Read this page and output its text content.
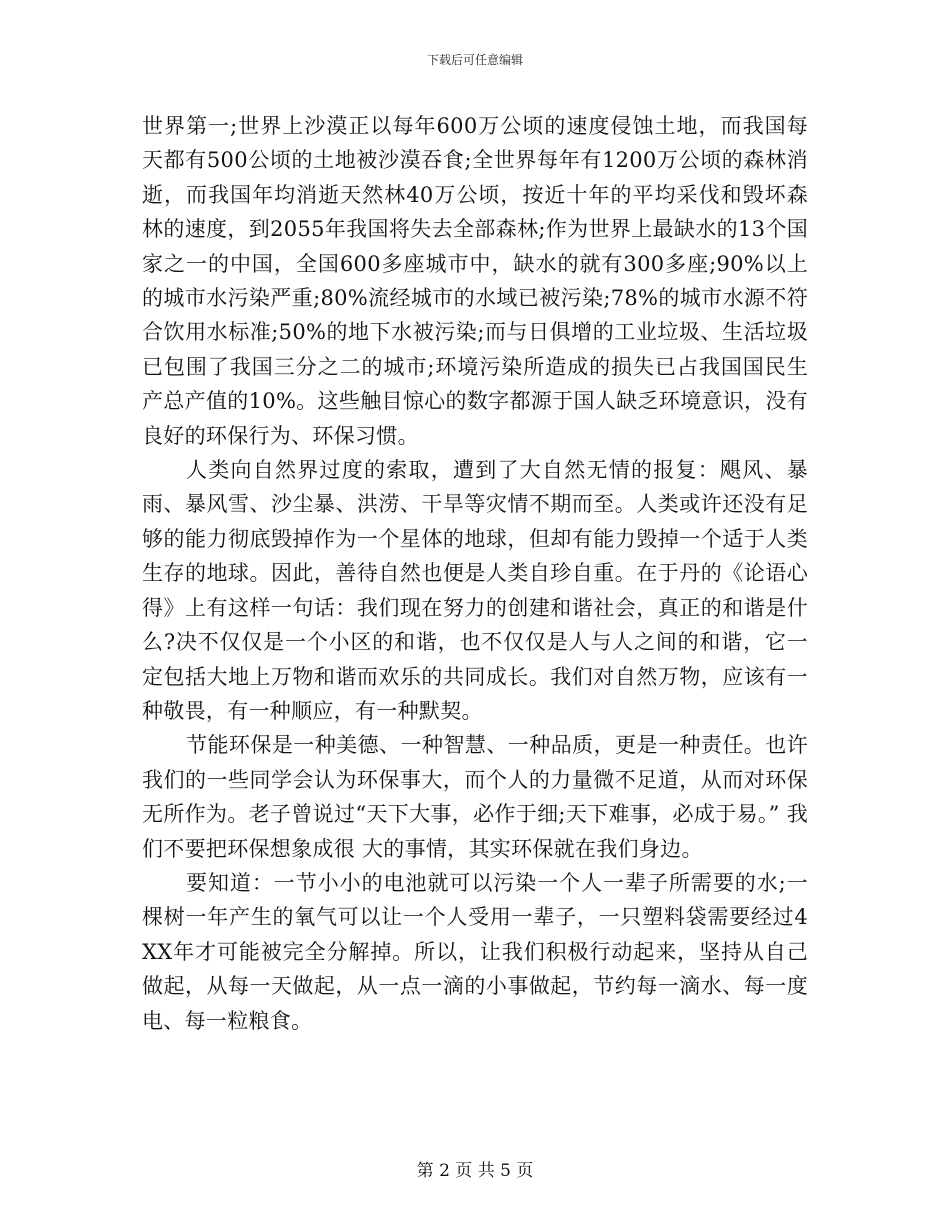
下载后可任意编辑

世界第一;世界上沙漠正以每年600万公顷的速度侵蚀土地，而我国每天都有500公顷的土地被沙漠吞食;全世界每年有1200万公顷的森林消逝，而我国年均消逝天然林40万公顷，按近十年的平均采伐和毁坏森林的速度，到2055年我国将失去全部森林;作为世界上最缺水的13个国家之一的中国，全国600多座城市中，缺水的就有300多座;90%以上的城市水污染严重;80%流经城市的水域已被污染;78%的城市水源不符合饮用水标准;50%的地下水被污染;而与日俱增的工业垃圾、生活垃圾已包围了我国三分之二的城市;环境污染所造成的损失已占我国国民生产总产值的10%。这些触目惊心的数字都源于国人缺乏环境意识，没有良好的环保行为、环保习惯。

人类向自然界过度的索取，遭到了大自然无情的报复：飓风、暴雨、暴风雪、沙尘暴、洪涝、干旱等灾情不期而至。人类或许还没有足够的能力彻底毁掉作为一个星体的地球，但却有能力毁掉一个适于人类生存的地球。因此，善待自然也便是人类自珍自重。在于丹的《论语心得》上有这样一句话：我们现在努力的创建和谐社会，真正的和谐是什么?决不仅仅是一个小区的和谐，也不仅仅是人与人之间的和谐，它一定包括大地上万物和谐而欢乐的共同成长。我们对自然万物，应该有一种敬畏，有一种顺应，有一种默契。

节能环保是一种美德、一种智慧、一种品质，更是一种责任。也许我们的一些同学会认为环保事大，而个人的力量微不足道，从而对环保无所作为。老子曾说过“天下大事，必作于细;天下难事，必成于易。” 我们不要把环保想象成很 大的事情，其实环保就在我们身边。

要知道：一节小小的电池就可以污染一个人一辈子所需要的水;一棵树一年产生的氧气可以让一个人受用一辈子，一只塑料袋需要经过4XX年才可能被完全分解掉。所以，让我们积极行动起来，坚持从自己做起，从每一天做起，从一点一滴的小事做起，节约每一滴水、每一度电、每一粒粮食。

第 2 页 共 5 页
